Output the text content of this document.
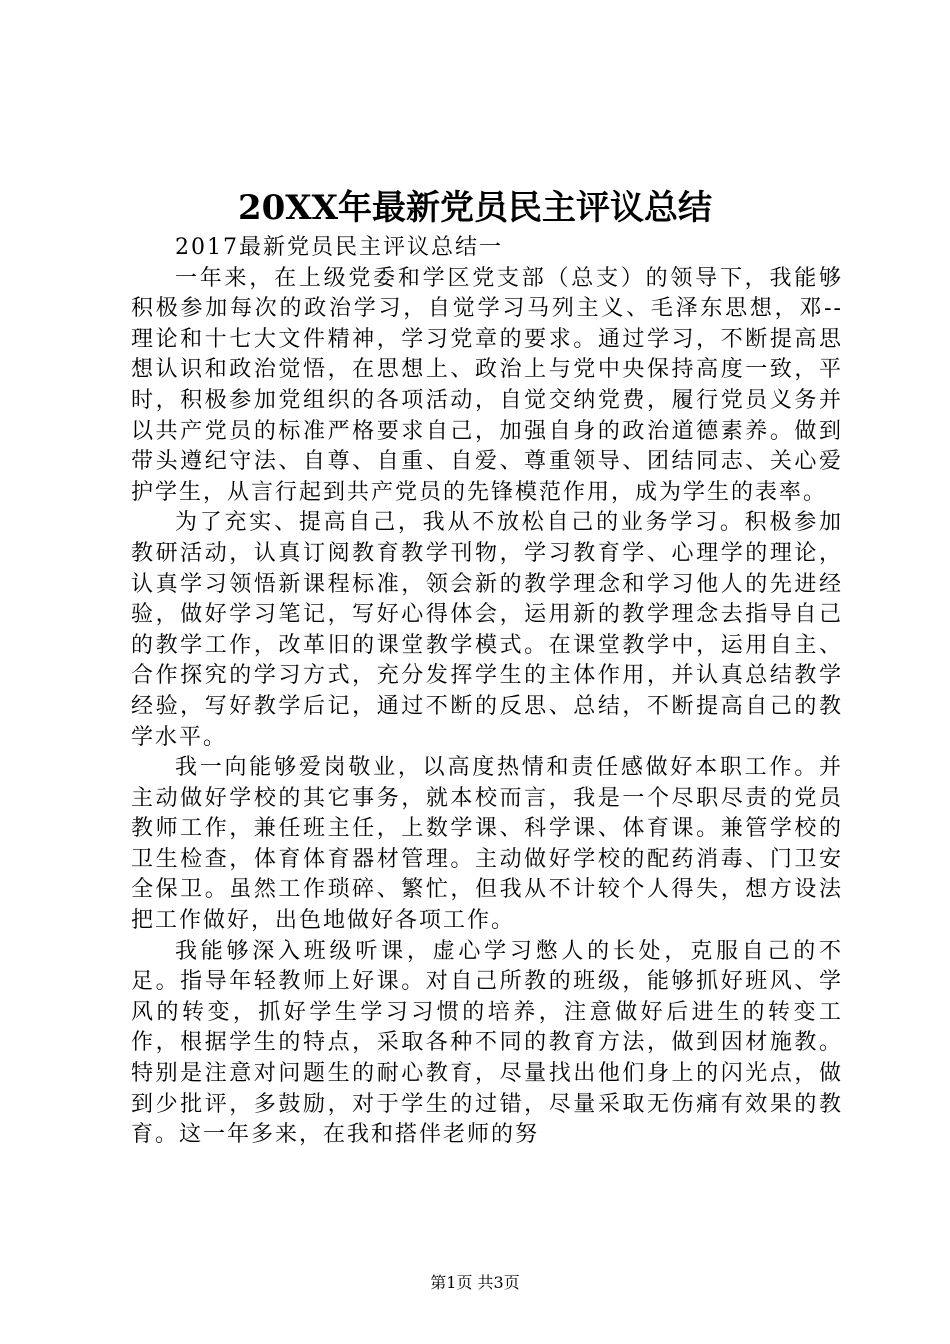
20XX年最新党员民主评议总结

2017最新党员民主评议总结一

一年来，在上级党委和学区党支部（总支）的领导下，我能够积极参加每次的政治学习，自觉学习马列主义、毛泽东思想，邓--理论和十七大文件精神，学习党章的要求。通过学习，不断提高思想认识和政治觉悟，在思想上、政治上与党中央保持高度一致，平时，积极参加党组织的各项活动，自觉交纳党费，履行党员义务并以共产党员的标准严格要求自己，加强自身的政治道德素养。做到带头遵纪守法、自尊、自重、自爱、尊重领导、团结同志、关心爱护学生，从言行起到共产党员的先锋模范作用，成为学生的表率。

为了充实、提高自己，我从不放松自己的业务学习。积极参加教研活动，认真订阅教育教学刊物，学习教育学、心理学的理论，认真学习领悟新课程标准，领会新的教学理念和学习他人的先进经验，做好学习笔记，写好心得体会，运用新的教学理念去指导自己的教学工作，改革旧的课堂教学模式。在课堂教学中，运用自主、合作探究的学习方式，充分发挥学生的主体作用，并认真总结教学经验，写好教学后记，通过不断的反思、总结，不断提高自己的教学水平。

我一向能够爱岗敬业，以高度热情和责任感做好本职工作。并主动做好学校的其它事务，就本校而言，我是一个尽职尽责的党员教师工作，兼任班主任，上数学课、科学课、体育课。兼管学校的卫生检查，体育体育器材管理。主动做好学校的配药消毒、门卫安全保卫。虽然工作琐碎、繁忙，但我从不计较个人得失，想方设法把工作做好，出色地做好各项工作。

我能够深入班级听课，虚心学习憋人的长处，克服自己的不足。指导年轻教师上好课。对自己所教的班级，能够抓好班风、学风的转变，抓好学生学习习惯的培养，注意做好后进生的转变工作，根据学生的特点，采取各种不同的教育方法，做到因材施教。特别是注意对问题生的耐心教育，尽量找出他们身上的闪光点，做到少批评，多鼓励，对于学生的过错，尽量采取无伤痛有效果的教育。这一年多来，在我和搭伴老师的努

第1页 共3页
